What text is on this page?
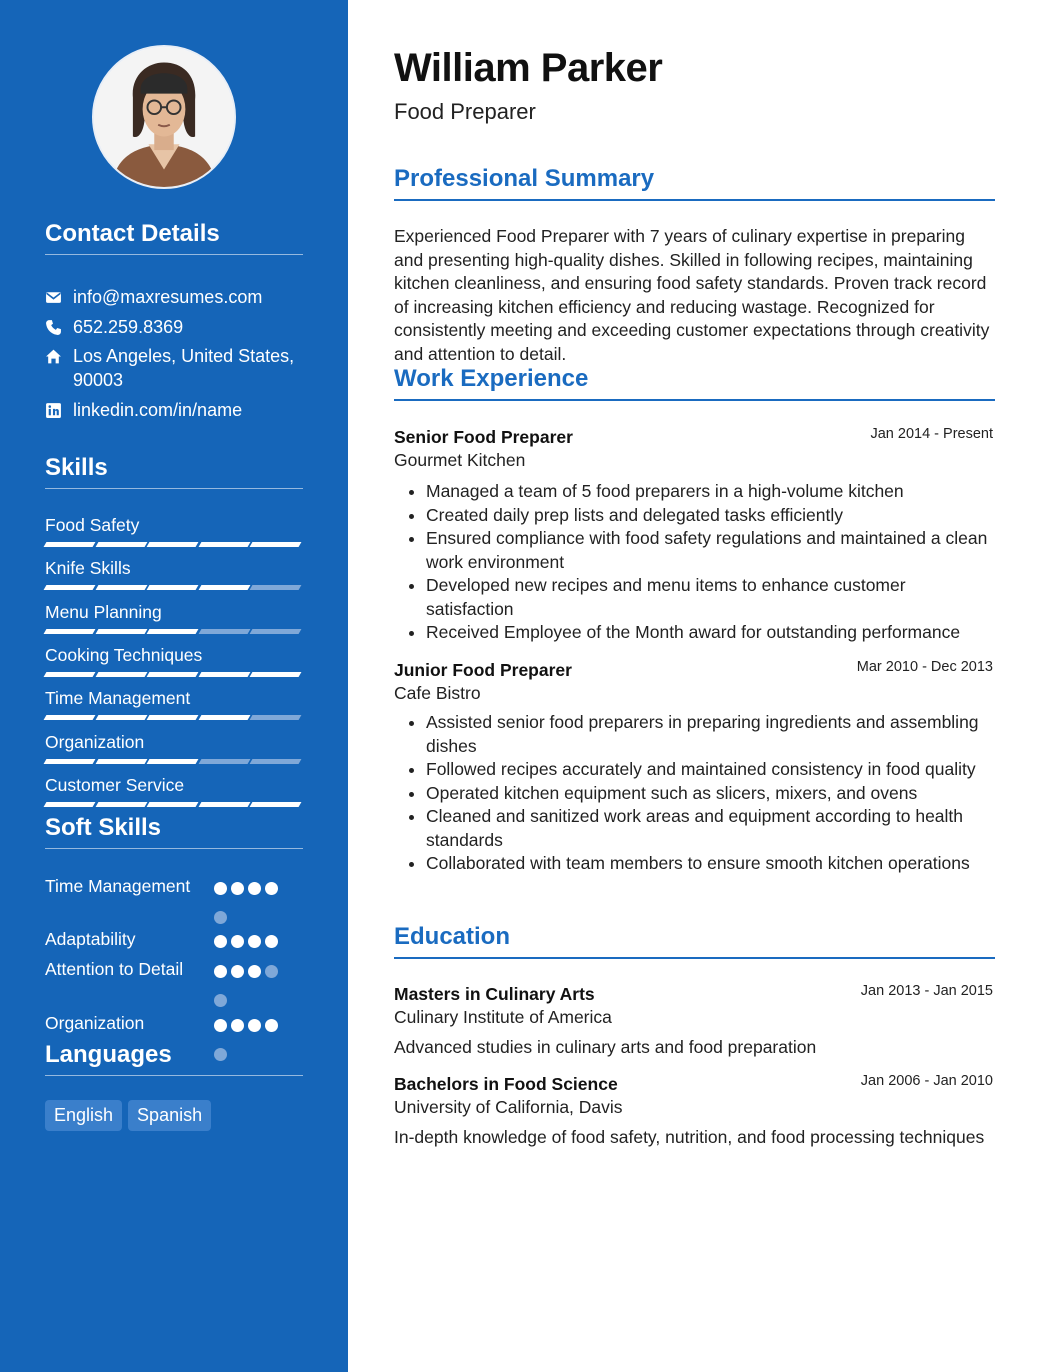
Contact Details
info@maxresumes.com
652.259.8369
Los Angeles, United States, 90003
linkedin.com/in/name
Skills
Food Safety
Knife Skills
Menu Planning
Cooking Techniques
Time Management
Organization
Customer Service
Soft Skills
Time Management
Adaptability
Attention to Detail
Organization
Languages
English	Spanish
William Parker
Food Preparer
Professional Summary
Experienced Food Preparer with 7 years of culinary expertise in preparing and presenting high-quality dishes. Skilled in following recipes, maintaining kitchen cleanliness, and ensuring food safety standards. Proven track record of increasing kitchen efficiency and reducing wastage. Recognized for consistently meeting and exceeding customer expectations through creativity and attention to detail.
Work Experience
Senior Food Preparer	Jan 2014 - Present
Gourmet Kitchen
• Managed a team of 5 food preparers in a high-volume kitchen
• Created daily prep lists and delegated tasks efficiently
• Ensured compliance with food safety regulations and maintained a clean work environment
• Developed new recipes and menu items to enhance customer satisfaction
• Received Employee of the Month award for outstanding performance
Junior Food Preparer	Mar 2010 - Dec 2013
Cafe Bistro
• Assisted senior food preparers in preparing ingredients and assembling dishes
• Followed recipes accurately and maintained consistency in food quality
• Operated kitchen equipment such as slicers, mixers, and ovens
• Cleaned and sanitized work areas and equipment according to health standards
• Collaborated with team members to ensure smooth kitchen operations
Education
Masters in Culinary Arts	Jan 2013 - Jan 2015
Culinary Institute of America
Advanced studies in culinary arts and food preparation
Bachelors in Food Science	Jan 2006 - Jan 2010
University of California, Davis
In-depth knowledge of food safety, nutrition, and food processing techniques
